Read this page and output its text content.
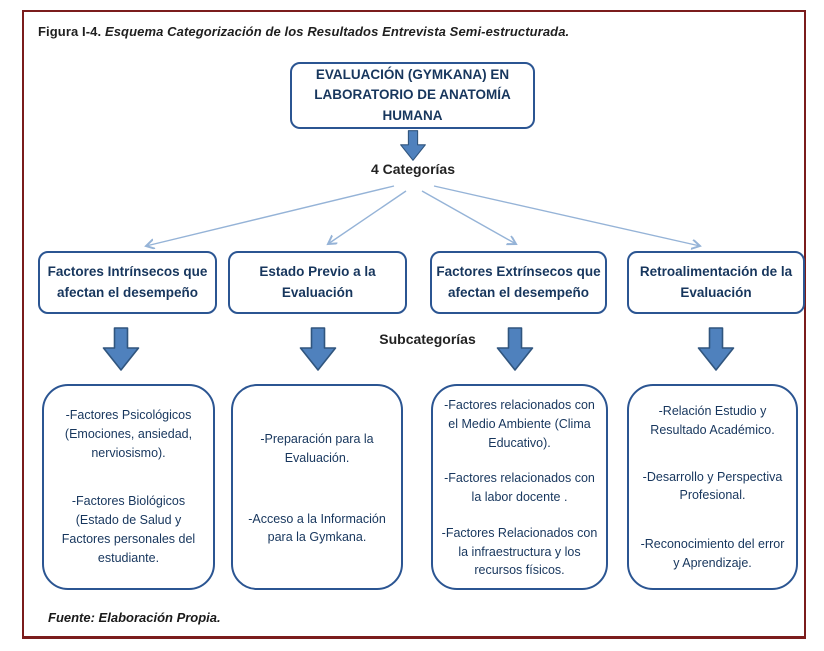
Figura I-4. Esquema Categorización de los Resultados Entrevista Semi-estructurada.
EVALUACIÓN (GYMKANA) EN
LABORATORIO DE ANATOMÍA
HUMANA
4 Categorías
Factores Intrínsecos que
afectan el desempeño
Estado Previo a la
Evaluación
Factores Extrínsecos que
afectan el desempeño
Retroalimentación de la
Evaluación
Subcategorías

-Factores Psicológicos (Emociones, ansiedad, nerviosismo).

-Factores Biológicos (Estado de Salud y Factores personales del estudiante.

-Preparación para la Evaluación.

-Acceso a la Información para la Gymkana.

-Factores relacionados con el Medio Ambiente (Clima Educativo).

-Factores relacionados con la labor docente .

-Factores Relacionados con la infraestructura y los recursos físicos.

-Relación Estudio y Resultado Académico.

-Desarrollo y Perspectiva Profesional.

-Reconocimiento del error y Aprendizaje.

Fuente: Elaboración Propia.
